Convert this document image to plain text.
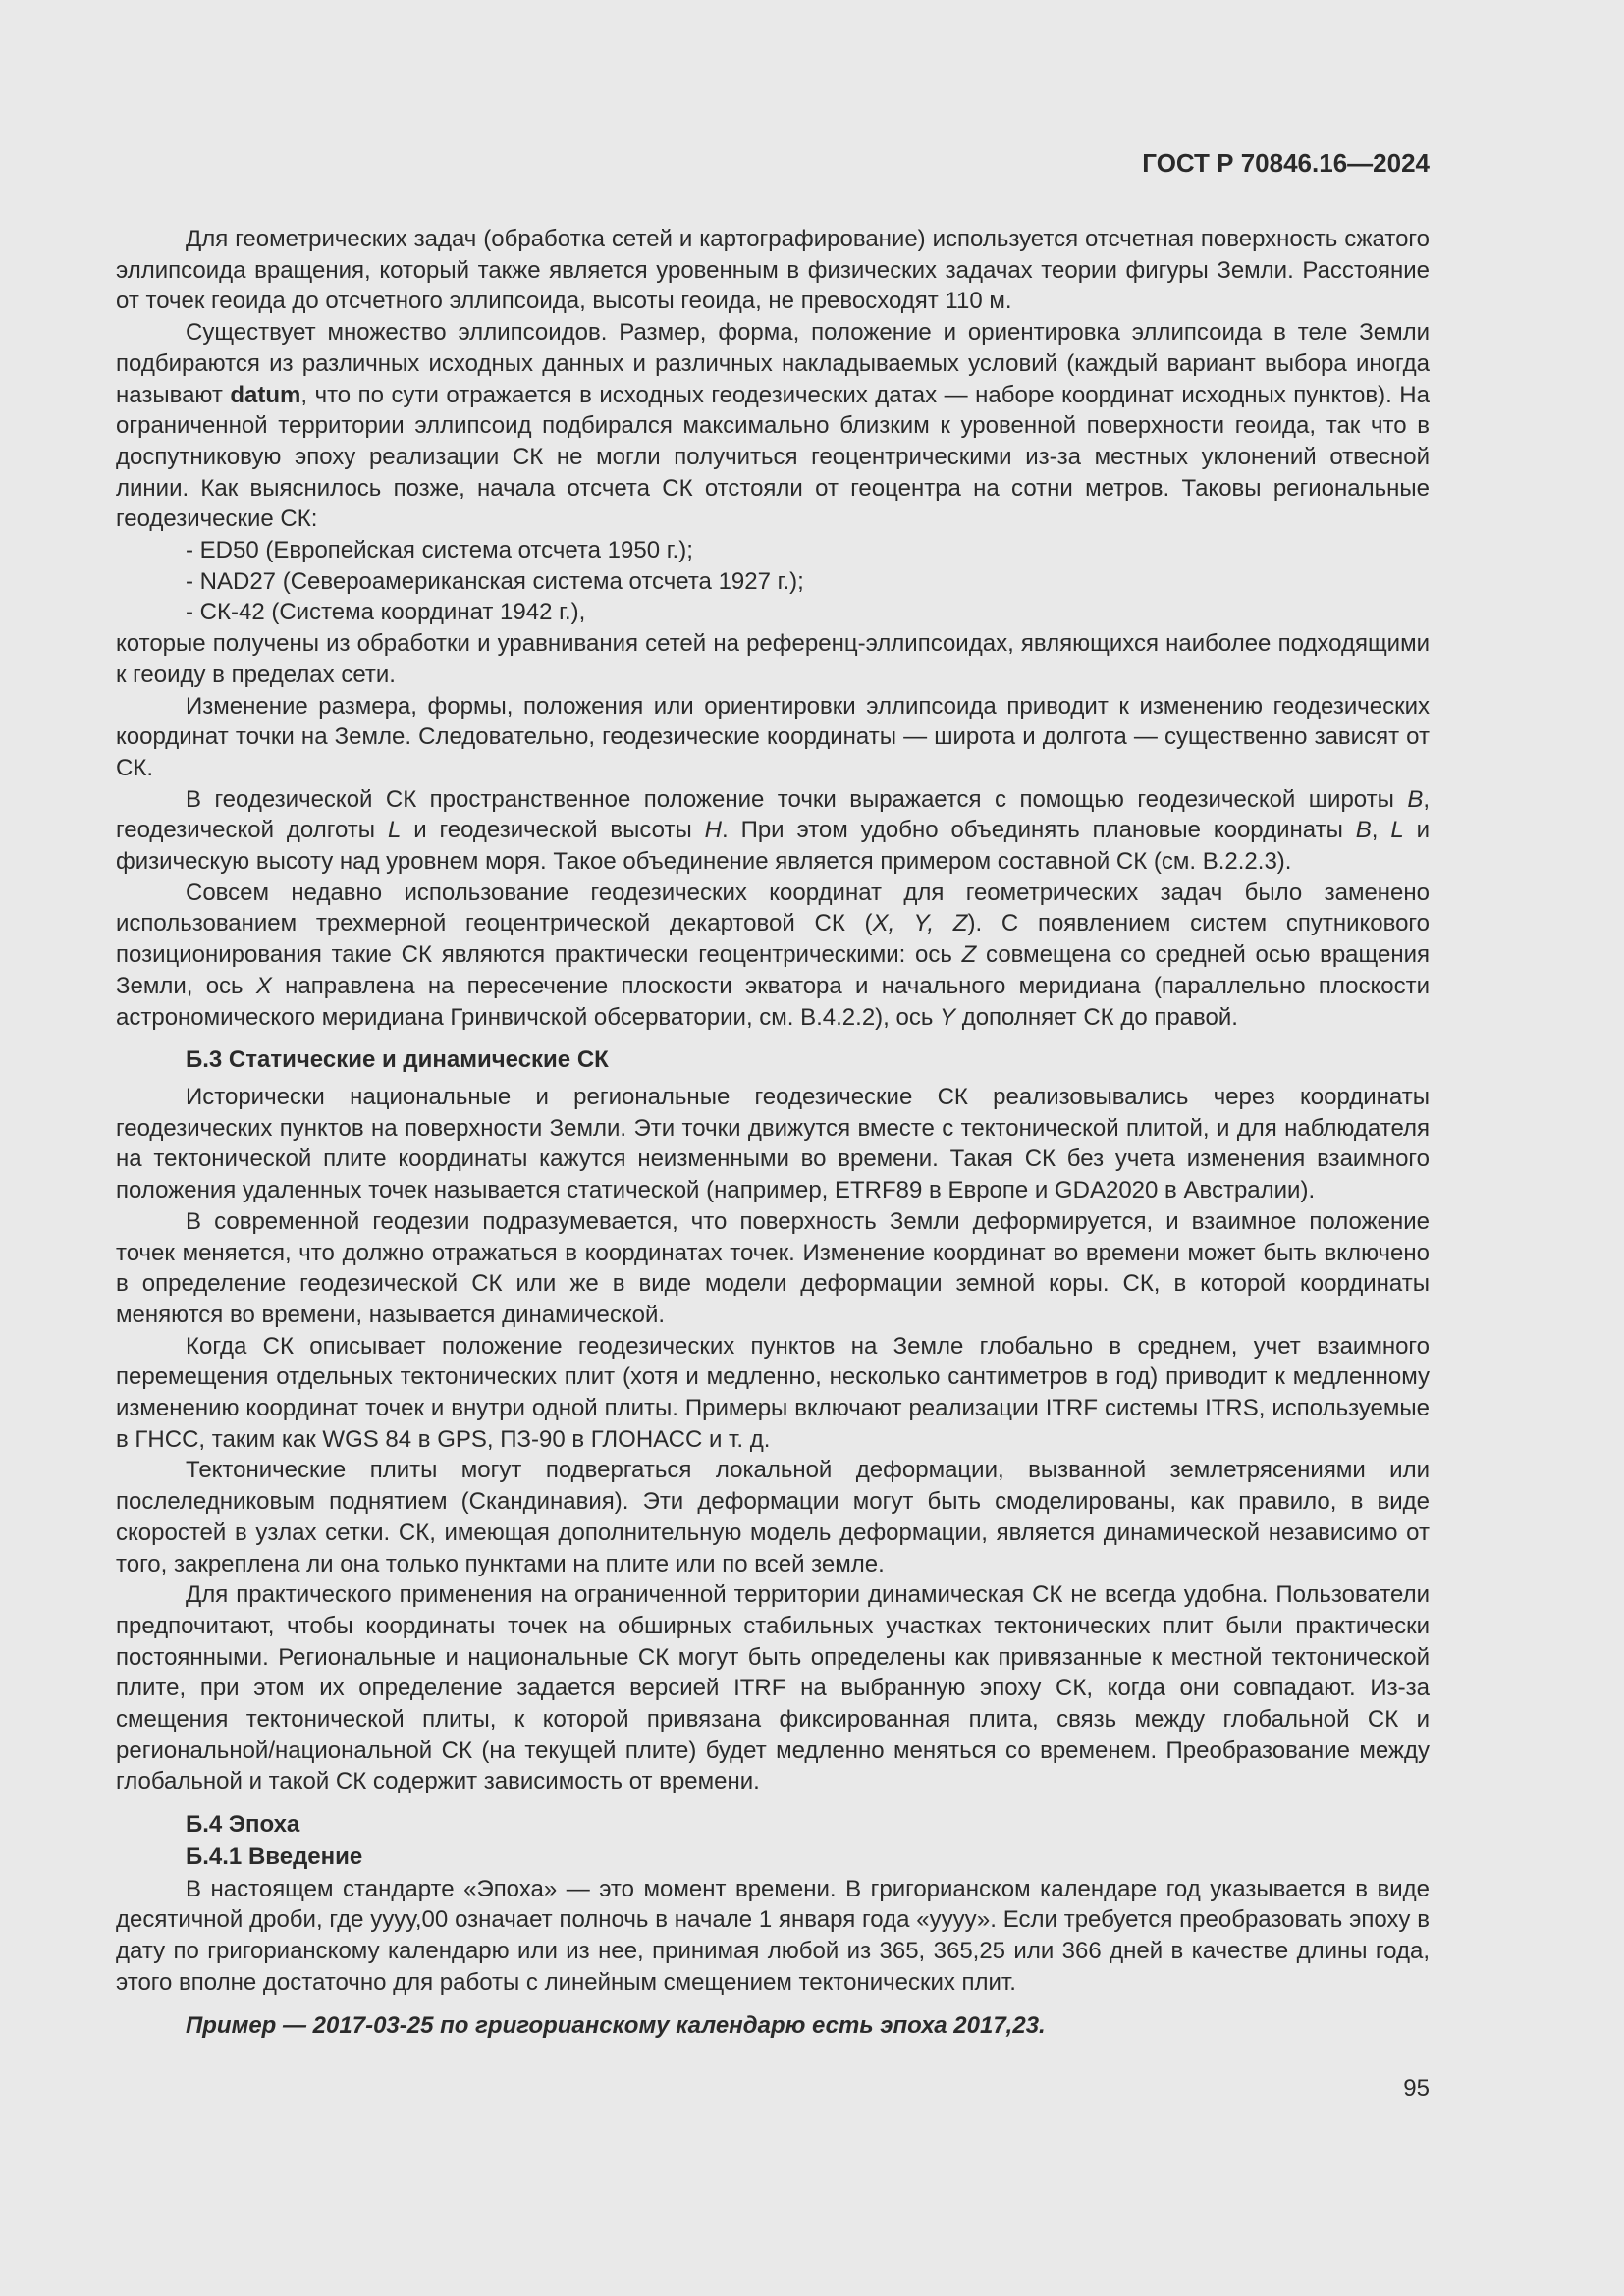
ГОСТ Р 70846.16—2024

Для геометрических задач (обработка сетей и картографирование) используется отсчетная поверхность сжатого эллипсоида вращения, который также является уровенным в физических задачах теории фигуры Земли. Расстояние от точек геоида до отсчетного эллипсоида, высоты геоида, не превосходят 110 м.

Существует множество эллипсоидов. Размер, форма, положение и ориентировка эллипсоида в теле Земли подбираются из различных исходных данных и различных накладываемых условий (каждый вариант выбора иногда называют datum, что по сути отражается в исходных геодезических датах — наборе координат исходных пунктов). На ограниченной территории эллипсоид подбирался максимально близким к уровенной поверхности геоида, так что в доспутниковую эпоху реализации СК не могли получиться геоцентрическими из-за местных уклонений отвесной линии. Как выяснилось позже, начала отсчета СК отстояли от геоцентра на сотни метров. Таковы региональные геодезические СК:

- ED50 (Европейская система отсчета 1950 г.);

- NAD27 (Североамериканская система отсчета 1927 г.);

- СК-42 (Система координат 1942 г.),

которые получены из обработки и уравнивания сетей на референц-эллипсоидах, являющихся наиболее подходящими к геоиду в пределах сети.

Изменение размера, формы, положения или ориентировки эллипсоида приводит к изменению геодезических координат точки на Земле. Следовательно, геодезические координаты — широта и долгота — существенно зависят от СК.

В геодезической СК пространственное положение точки выражается с помощью геодезической широты B, геодезической долготы L и геодезической высоты H. При этом удобно объединять плановые координаты B, L и физическую высоту над уровнем моря. Такое объединение является примером составной СК (см. В.2.2.3).

Совсем недавно использование геодезических координат для геометрических задач было заменено использованием трехмерной геоцентрической декартовой СК (X, Y, Z). С появлением систем спутникового позиционирования такие СК являются практически геоцентрическими: ось Z совмещена со средней осью вращения Земли, ось X направлена на пересечение плоскости экватора и начального меридиана (параллельно плоскости астрономического меридиана Гринвичской обсерватории, см. В.4.2.2), ось Y дополняет СК до правой.

Б.3 Статические и динамические СК

Исторически национальные и региональные геодезические СК реализовывались через координаты геодезических пунктов на поверхности Земли. Эти точки движутся вместе с тектонической плитой, и для наблюдателя на тектонической плите координаты кажутся неизменными во времени. Такая СК без учета изменения взаимного положения удаленных точек называется статической (например, ETRF89 в Европе и GDA2020 в Австралии).

В современной геодезии подразумевается, что поверхность Земли деформируется, и взаимное положение точек меняется, что должно отражаться в координатах точек. Изменение координат во времени может быть включено в определение геодезической СК или же в виде модели деформации земной коры. СК, в которой координаты меняются во времени, называется динамической.

Когда СК описывает положение геодезических пунктов на Земле глобально в среднем, учет взаимного перемещения отдельных тектонических плит (хотя и медленно, несколько сантиметров в год) приводит к медленному изменению координат точек и внутри одной плиты. Примеры включают реализации ITRF системы ITRS, используемые в ГНСС, таким как WGS 84 в GPS, ПЗ-90 в ГЛОНАСС и т. д.

Тектонические плиты могут подвергаться локальной деформации, вызванной землетрясениями или послеледниковым поднятием (Скандинавия). Эти деформации могут быть смоделированы, как правило, в виде скоростей в узлах сетки. СК, имеющая дополнительную модель деформации, является динамической независимо от того, закреплена ли она только пунктами на плите или по всей земле.

Для практического применения на ограниченной территории динамическая СК не всегда удобна. Пользователи предпочитают, чтобы координаты точек на обширных стабильных участках тектонических плит были практически постоянными. Региональные и национальные СК могут быть определены как привязанные к местной тектонической плите, при этом их определение задается версией ITRF на выбранную эпоху СК, когда они совпадают. Из-за смещения тектонической плиты, к которой привязана фиксированная плита, связь между глобальной СК и региональной/национальной СК (на текущей плите) будет медленно меняться со временем. Преобразование между глобальной и такой СК содержит зависимость от времени.

Б.4 Эпоха

Б.4.1 Введение

В настоящем стандарте «Эпоха» — это момент времени. В григорианском календаре год указывается в виде десятичной дроби, где уууу,00 означает полночь в начале 1 января года «уууу». Если требуется преобразовать эпоху в дату по григорианскому календарю или из нее, принимая любой из 365, 365,25 или 366 дней в качестве длины года, этого вполне достаточно для работы с линейным смещением тектонических плит.

Пример — 2017-03-25 по григорианскому календарю есть эпоха 2017,23.

95
